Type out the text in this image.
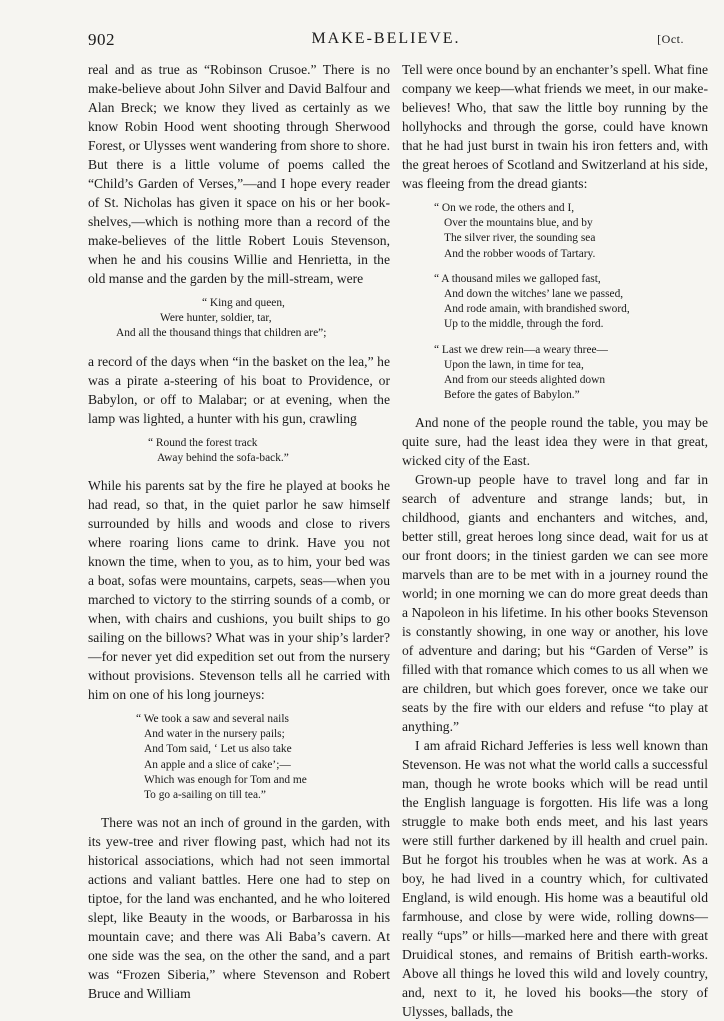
902	MAKE-BELIEVE.	[Oct.

real and as true as “Robinson Crusoe.” There is no make-believe about John Silver and David Balfour and Alan Breck; we know they lived as certainly as we know Robin Hood went shooting through Sherwood Forest, or Ulysses went wandering from shore to shore. But there is a little volume of poems called the “Child’s Garden of Verses,”—and I hope every reader of St. Nicholas has given it space on his or her book-shelves,—which is nothing more than a record of the make-believes of the little Robert Louis Stevenson, when he and his cousins Willie and Henrietta, in the old manse and the garden by the mill-stream, were

“ King and queen,
Were hunter, soldier, tar,
And all the thousand things that children are”;

a record of the days when “in the basket on the lea,” he was a pirate a-steering of his boat to Providence, or Babylon, or off to Malabar; or at evening, when the lamp was lighted, a hunter with his gun, crawling

“ Round the forest track
Away behind the sofa-back.”

While his parents sat by the fire he played at books he had read, so that, in the quiet parlor he saw himself surrounded by hills and woods and close to rivers where roaring lions came to drink. Have you not known the time, when to you, as to him, your bed was a boat, sofas were mountains, carpets, seas—when you marched to victory to the stirring sounds of a comb, or when, with chairs and cushions, you built ships to go sailing on the billows? What was in your ship’s larder?—for never yet did expedition set out from the nursery without provisions. Stevenson tells all he carried with him on one of his long journeys:

“ We took a saw and several nails
And water in the nursery pails;
And Tom said, ‘ Let us also take
An apple and a slice of cake’;—
Which was enough for Tom and me
To go a-sailing on till tea.”

There was not an inch of ground in the garden, with its yew-tree and river flowing past, which had not its historical associations, which had not seen immortal actions and valiant battles. Here one had to step on tiptoe, for the land was enchanted, and he who loitered slept, like Beauty in the woods, or Barbarossa in his mountain cave; and there was Ali Baba’s cavern. At one side was the sea, on the other the sand, and a part was “Frozen Siberia,” where Stevenson and Robert Bruce and William

Tell were once bound by an enchanter’s spell. What fine company we keep—what friends we meet, in our make-believes! Who, that saw the little boy running by the hollyhocks and through the gorse, could have known that he had just burst in twain his iron fetters and, with the great heroes of Scotland and Switzerland at his side, was fleeing from the dread giants:

“ On we rode, the others and I,
Over the mountains blue, and by
The silver river, the sounding sea
And the robber woods of Tartary.
“ A thousand miles we galloped fast,
And down the witches’ lane we passed,
And rode amain, with brandished sword,
Up to the middle, through the ford.
“ Last we drew rein—a weary three—
Upon the lawn, in time for tea,
And from our steeds alighted down
Before the gates of Babylon.”

And none of the people round the table, you may be quite sure, had the least idea they were in that great, wicked city of the East.

Grown-up people have to travel long and far in search of adventure and strange lands; but, in childhood, giants and enchanters and witches, and, better still, great heroes long since dead, wait for us at our front doors; in the tiniest garden we can see more marvels than are to be met with in a journey round the world; in one morning we can do more great deeds than a Napoleon in his lifetime. In his other books Stevenson is constantly showing, in one way or another, his love of adventure and daring; but his “Garden of Verse” is filled with that romance which comes to us all when we are children, but which goes forever, once we take our seats by the fire with our elders and refuse “to play at anything.”

I am afraid Richard Jefferies is less well known than Stevenson. He was not what the world calls a successful man, though he wrote books which will be read until the English language is forgotten. His life was a long struggle to make both ends meet, and his last years were still further darkened by ill health and cruel pain. But he forgot his troubles when he was at work. As a boy, he had lived in a country which, for cultivated England, is wild enough. His home was a beautiful old farmhouse, and close by were wide, rolling downs—really “ups” or hills—marked here and there with great Druidical stones, and remains of British earth-works. Above all things he loved this wild and lovely country, and, next to it, he loved his books—the story of Ulysses, ballads, the
